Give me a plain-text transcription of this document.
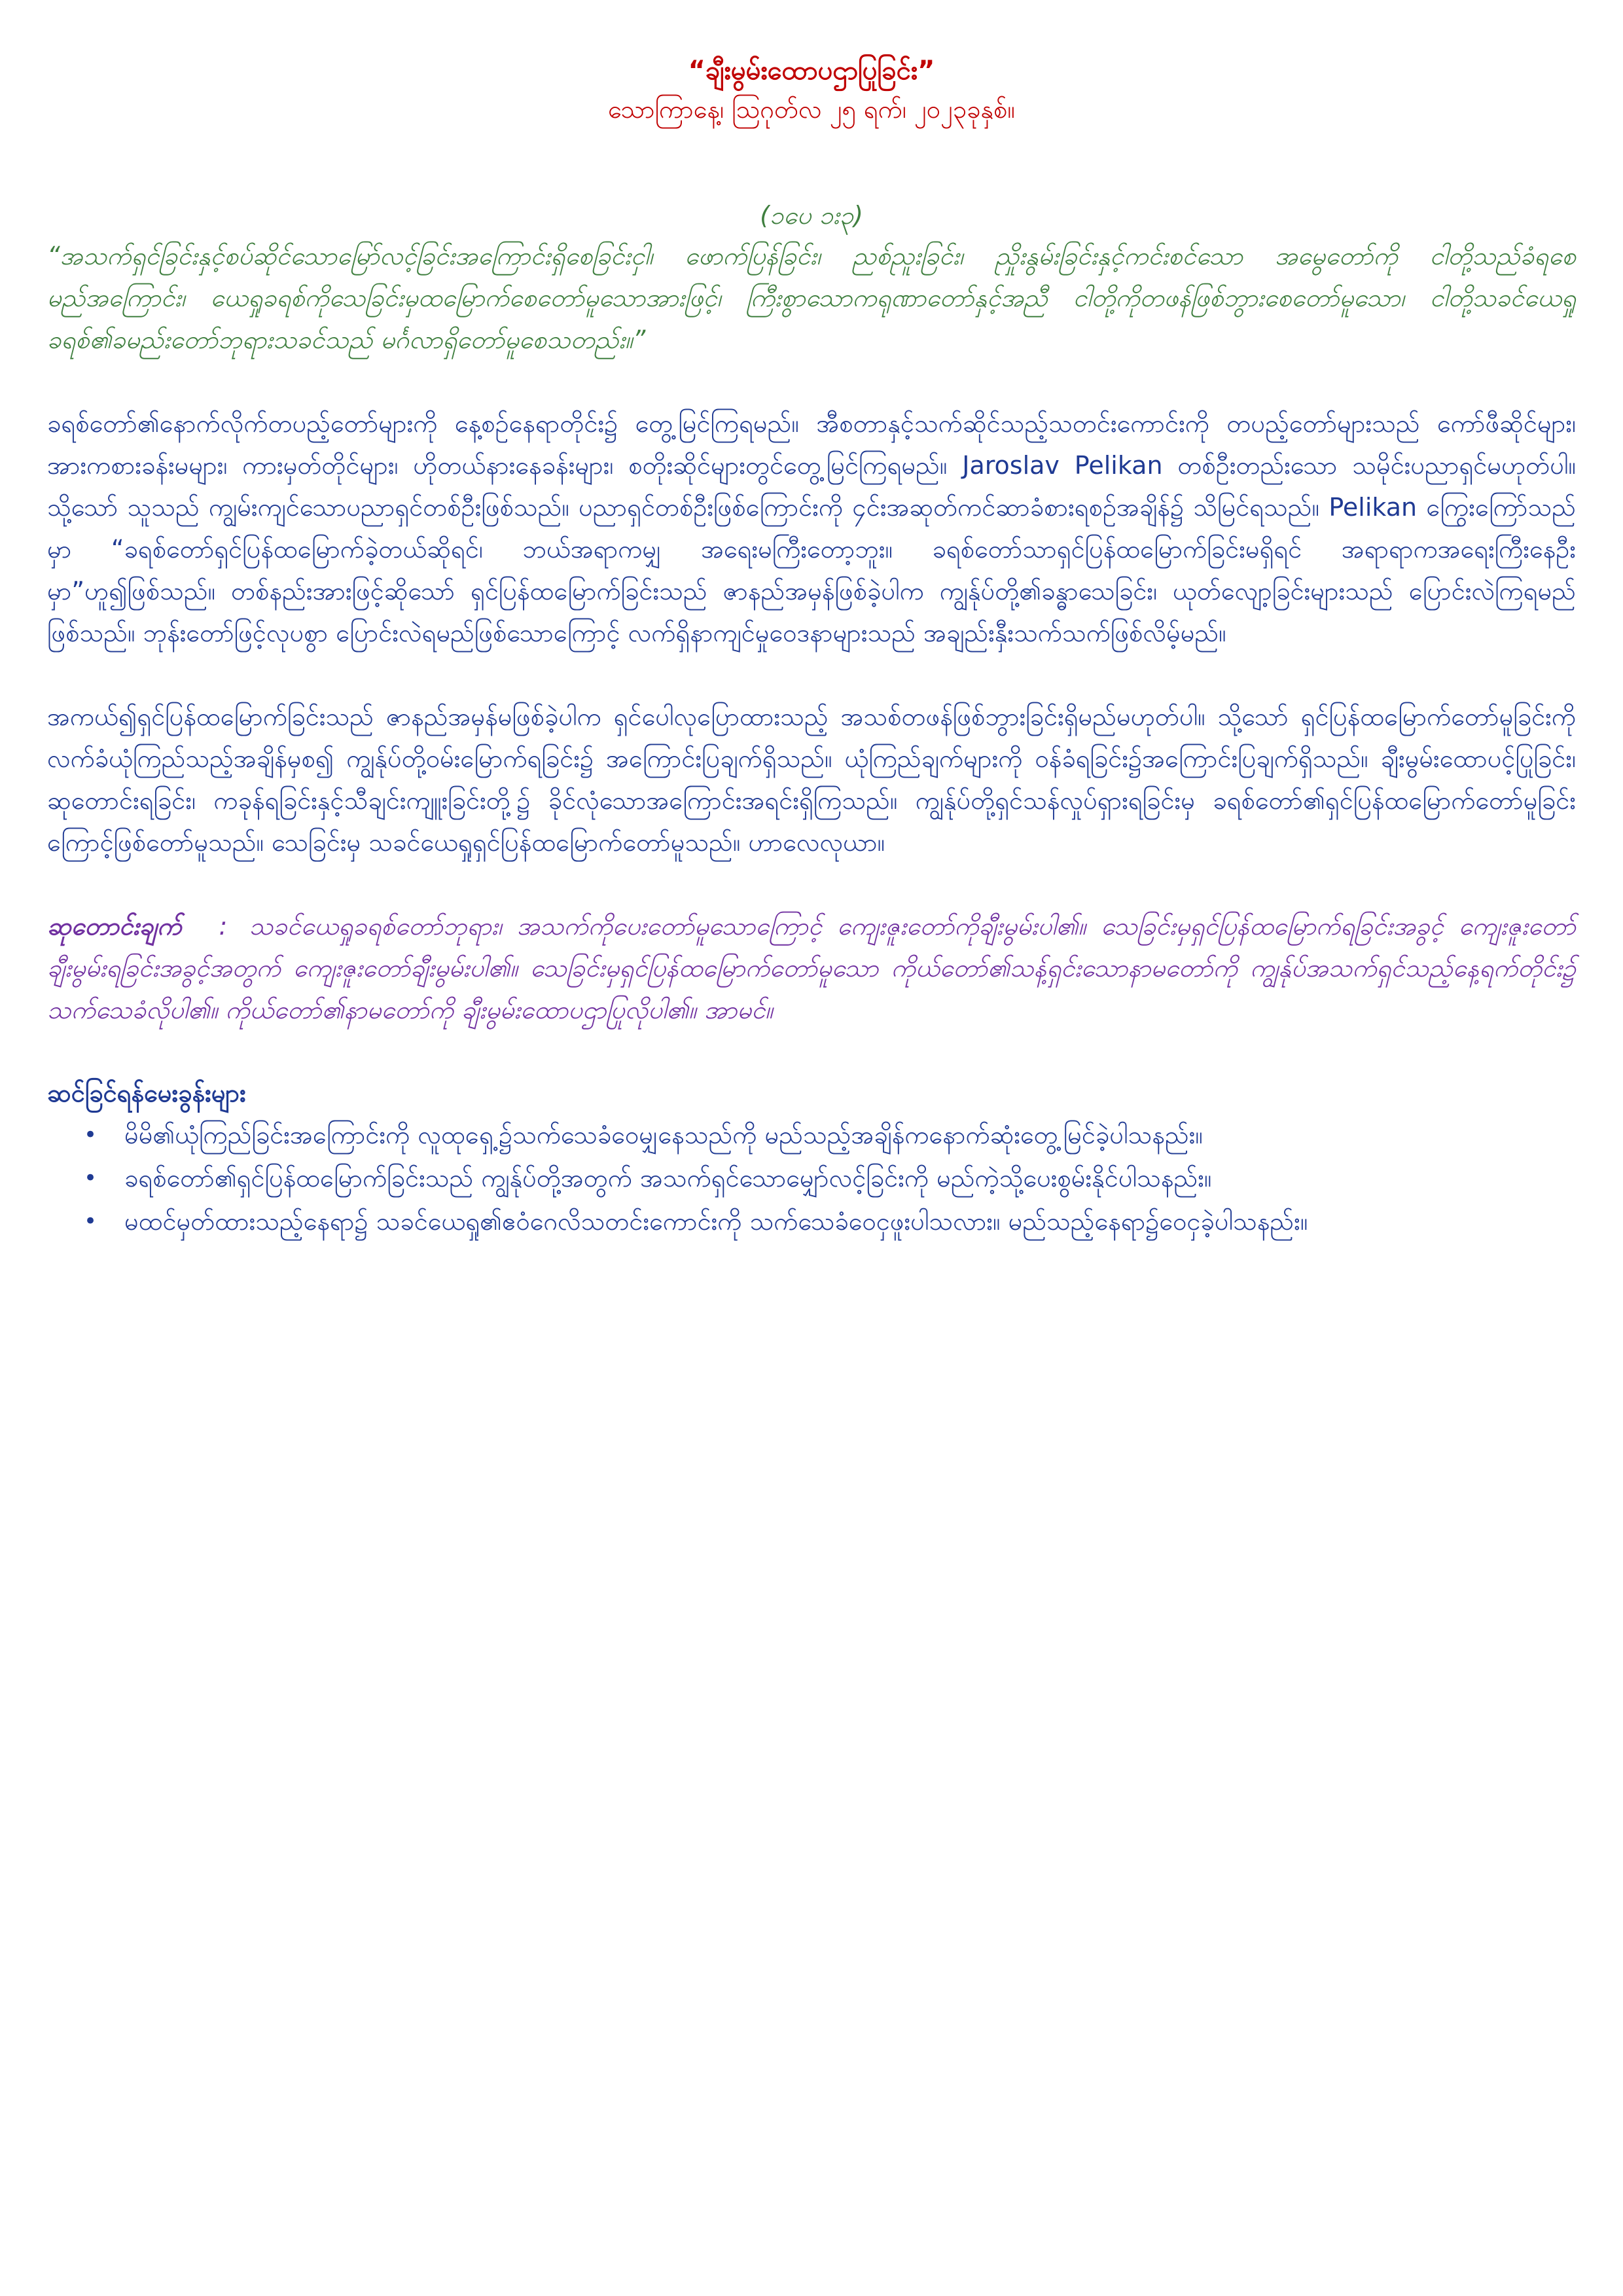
“ချီးမွမ်းထောပဌာပြုခြင်း”

သောကြာနေ့၊ ဩဂုတ်လ ၂၅ ရက်၊ ၂၀၂၃ခုနှစ်။

(၁ပေ ၁း၃)

“အသက်ရှင်ခြင်းနှင့်စပ်ဆိုင်သောမြော်လင့်ခြင်းအကြောင်းရှိစေခြင်းငှါ၊ ဖောက်ပြန်ခြင်း၊ ညစ်ညူးခြင်း၊ ညှိုးနွမ်းခြင်းနှင့်ကင်းစင်သော အမွေတော်ကို ငါတို့သည်ခံရစေမည်အကြောင်း၊ ယေရှုခရစ်ကိုသေခြင်းမှထမြောက်စေတော်မူသောအားဖြင့်၊ ကြီးစွာသောကရုဏာတော်နှင့်အညီ ငါတို့ကိုတဖန်ဖြစ်ဘွားစေတော်မူသော၊ ငါတို့သခင်ယေရှုခရစ်၏ခမည်းတော်ဘုရားသခင်သည် မင်္ဂလာရှိတော်မူစေသတည်း။”

ခရစ်တော်၏နောက်လိုက်တပည့်တော်များကို နေ့စဉ်နေရာတိုင်း၌ တွေ့မြင်ကြရမည်။ အီစတာနှင့်သက်ဆိုင်သည့်သတင်းကောင်းကို တပည့်တော်များသည် ကော်ဖီဆိုင်များ၊ အားကစားခန်းမများ၊ ကားမှတ်တိုင်များ၊ ဟိုတယ်နားနေခန်းများ၊ စတိုးဆိုင်များတွင်တွေ့မြင်ကြရမည်။ Jaroslav Pelikan တစ်ဦးတည်းသော သမိုင်းပညာရှင်မဟုတ်ပါ။ သို့သော် သူသည် ကျွမ်းကျင်သောပညာရှင်တစ်ဦးဖြစ်သည်။ ပညာရှင်တစ်ဦးဖြစ်ကြောင်းကို ၄င်းအဆုတ်ကင်ဆာခံစားရစဉ်အချိန်၌ သိမြင်ရသည်။ Pelikan ကြွေးကြော်သည်မှာ “ခရစ်တော်ရှင်ပြန်ထမြောက်ခဲ့တယ်ဆိုရင်၊ ဘယ်အရာကမျှ အရေးမကြီးတော့ဘူး။ ခရစ်တော်သာရှင်ပြန်ထမြောက်ခြင်းမရှိရင် အရာရာကအရေးကြီးနေဦးမှာ”ဟူ၍ဖြစ်သည်။ တစ်နည်းအားဖြင့်ဆိုသော် ရှင်ပြန်ထမြောက်ခြင်းသည် ဇာနည်အမှန်ဖြစ်ခဲ့ပါက ကျွန်ုပ်တို့၏ခန္ဓာသေခြင်း၊ ယုတ်လျော့ခြင်းများသည် ပြောင်းလဲကြရမည်ဖြစ်သည်။ ဘုန်းတော်ဖြင့်လုပစွာ ပြောင်းလဲရမည်ဖြစ်သောကြောင့် လက်ရှိနာကျင်မှုဝေဒနာများသည် အချည်းနှီးသက်သက်ဖြစ်လိမ့်မည်။

အကယ်၍ရှင်ပြန်ထမြောက်ခြင်းသည် ဇာနည်အမှန်မဖြစ်ခဲ့ပါက ရှင်ပေါလုပြောထားသည့် အသစ်တဖန်ဖြစ်ဘွားခြင်းရှိမည်မဟုတ်ပါ။ သို့သော် ရှင်ပြန်ထမြောက်တော်မူခြင်းကို လက်ခံယုံကြည်သည့်အချိန်မှစ၍ ကျွန်ုပ်တို့ဝမ်းမြောက်ရခြင်း၌ အကြောင်းပြချက်ရှိသည်။ ယုံကြည်ချက်များကို ဝန်ခံရခြင်း၌အကြောင်းပြချက်ရှိသည်။ ချီးမွမ်းထောပင့်ပြုခြင်း၊ ဆုတောင်းရခြင်း၊ ကခုန်ရခြင်းနှင့်သီချင်းကျူးခြင်းတို့၌ ခိုင်လုံသောအကြောင်းအရင်းရှိကြသည်။ ကျွန်ုပ်တို့ရှင်သန်လှုပ်ရှားရခြင်းမှ ခရစ်တော်၏ရှင်ပြန်ထမြောက်တော်မူခြင်းကြောင့်ဖြစ်တော်မူသည်။ သေခြင်းမှ သခင်ယေရှုရှင်ပြန်ထမြောက်တော်မူသည်။ ဟာလေလုယာ။

ဆုတောင်းချက် : သခင်ယေရှုခရစ်တော်ဘုရား၊ အသက်ကိုပေးတော်မူသောကြောင့် ကျေးဇူးတော်ကိုချီးမွမ်းပါ၏။ သေခြင်းမှရှင်ပြန်ထမြောက်ရခြင်းအခွင့် ကျေးဇူးတော်ချီးမွမ်းရခြင်းအခွင့်အတွက် ကျေးဇူးတော်ချီးမွမ်းပါ၏။ သေခြင်းမှရှင်ပြန်ထမြောက်တော်မူသော ကိုယ်တော်၏သန့်ရှင်းသောနာမတော်ကို ကျွန်ုပ်အသက်ရှင်သည့်နေ့ရက်တိုင်း၌ သက်သေခံလိုပါ၏။ ကိုယ်တော်၏နာမတော်ကို ချီးမွမ်းထောပဌာပြုလိုပါ၏။ အာမင်။

ဆင်ခြင်ရန်မေးခွန်းများ
•	မိမိ၏ယုံကြည်ခြင်းအကြောင်းကို လူထုရှေ့၌သက်သေခံဝေမျှနေသည်ကို မည်သည့်အချိန်ကနောက်ဆုံးတွေ့မြင်ခဲ့ပါသနည်း။
•	ခရစ်တော်၏ရှင်ပြန်ထမြောက်ခြင်းသည် ကျွန်ုပ်တို့အတွက် အသက်ရှင်သောမျှော်လင့်ခြင်းကို မည်ကဲ့သို့ပေးစွမ်းနိုင်ပါသနည်း။
•	မထင်မှတ်ထားသည့်နေရာ၌ သခင်ယေရှု၏ဧဝံဂေလိသတင်းကောင်းကို သက်သေခံဝေငှဖူးပါသလား။ မည်သည့်နေရာ၌ဝေငှခဲ့ပါသနည်း။
